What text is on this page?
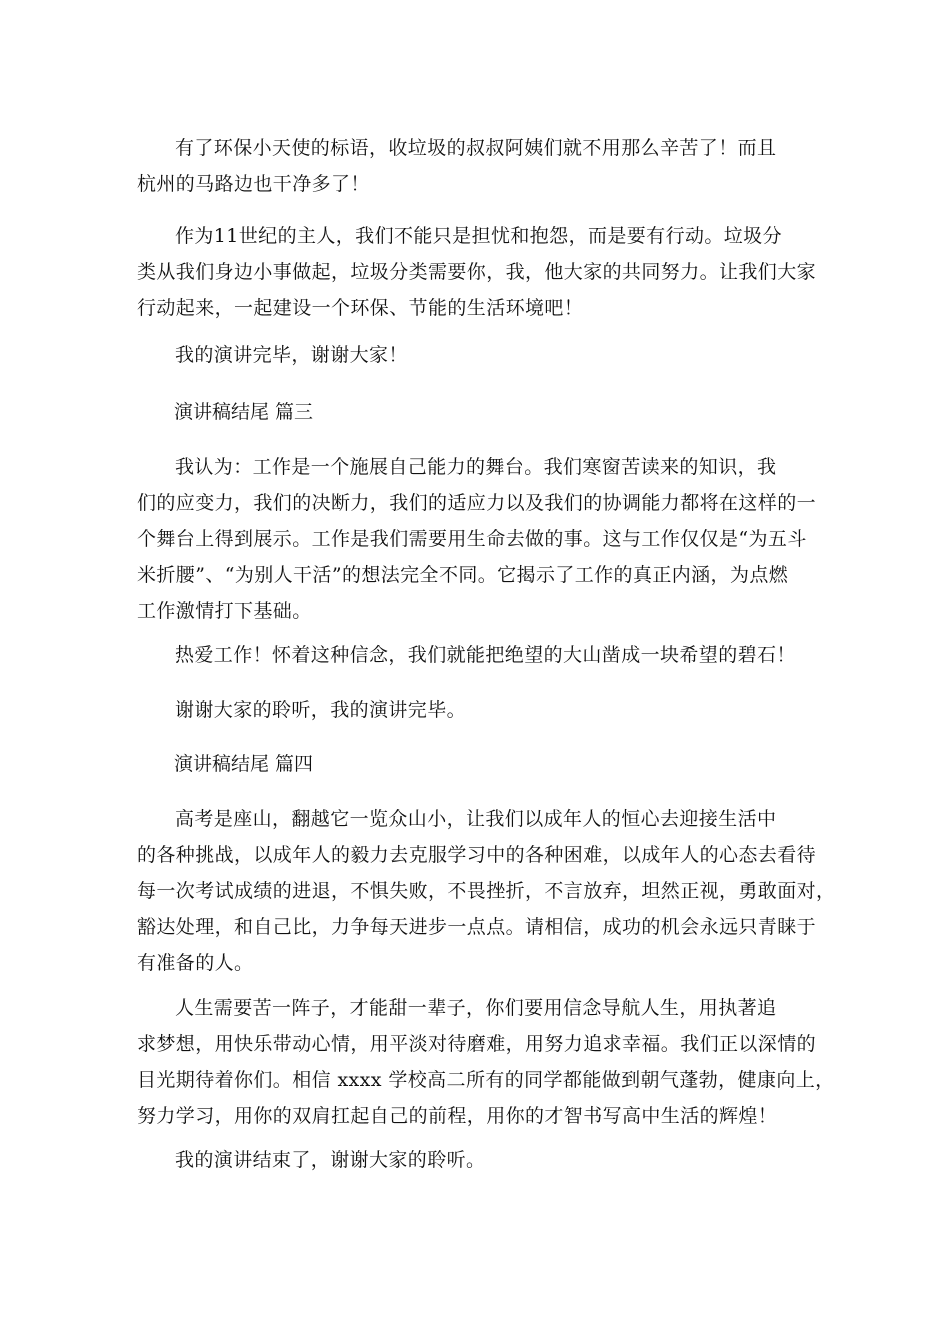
有了环保小天使的标语，收垃圾的叔叔阿姨们就不用那么辛苦了！而且
杭州的马路边也干净多了！

作为11世纪的主人，我们不能只是担忧和抱怨，而是要有行动。垃圾分
类从我们身边小事做起，垃圾分类需要你，我，他大家的共同努力。让我们大家
行动起来，一起建设一个环保、节能的生活环境吧！

我的演讲完毕，谢谢大家！

演讲稿结尾 篇三

我认为：工作是一个施展自己能力的舞台。我们寒窗苦读来的知识，我
们的应变力，我们的决断力，我们的适应力以及我们的协调能力都将在这样的一
个舞台上得到展示。工作是我们需要用生命去做的事。这与工作仅仅是“为五斗
米折腰”、“为别人干活”的想法完全不同。它揭示了工作的真正内涵，为点燃
工作激情打下基础。

热爱工作！怀着这种信念，我们就能把绝望的大山凿成一块希望的碧石！

谢谢大家的聆听，我的演讲完毕。

演讲稿结尾 篇四

高考是座山，翻越它一览众山小，让我们以成年人的恒心去迎接生活中
的各种挑战，以成年人的毅力去克服学习中的各种困难，以成年人的心态去看待
每一次考试成绩的进退，不惧失败，不畏挫折，不言放弃，坦然正视，勇敢面对，
豁达处理，和自己比，力争每天进步一点点。请相信，成功的机会永远只青睐于
有准备的人。

人生需要苦一阵子，才能甜一辈子，你们要用信念导航人生，用执著追
求梦想，用快乐带动心情，用平淡对待磨难，用努力追求幸福。我们正以深情的
目光期待着你们。相信 xxxx 学校高二所有的同学都能做到朝气蓬勃，健康向上，
努力学习，用你的双肩扛起自己的前程，用你的才智书写高中生活的辉煌！

我的演讲结束了，谢谢大家的聆听。
